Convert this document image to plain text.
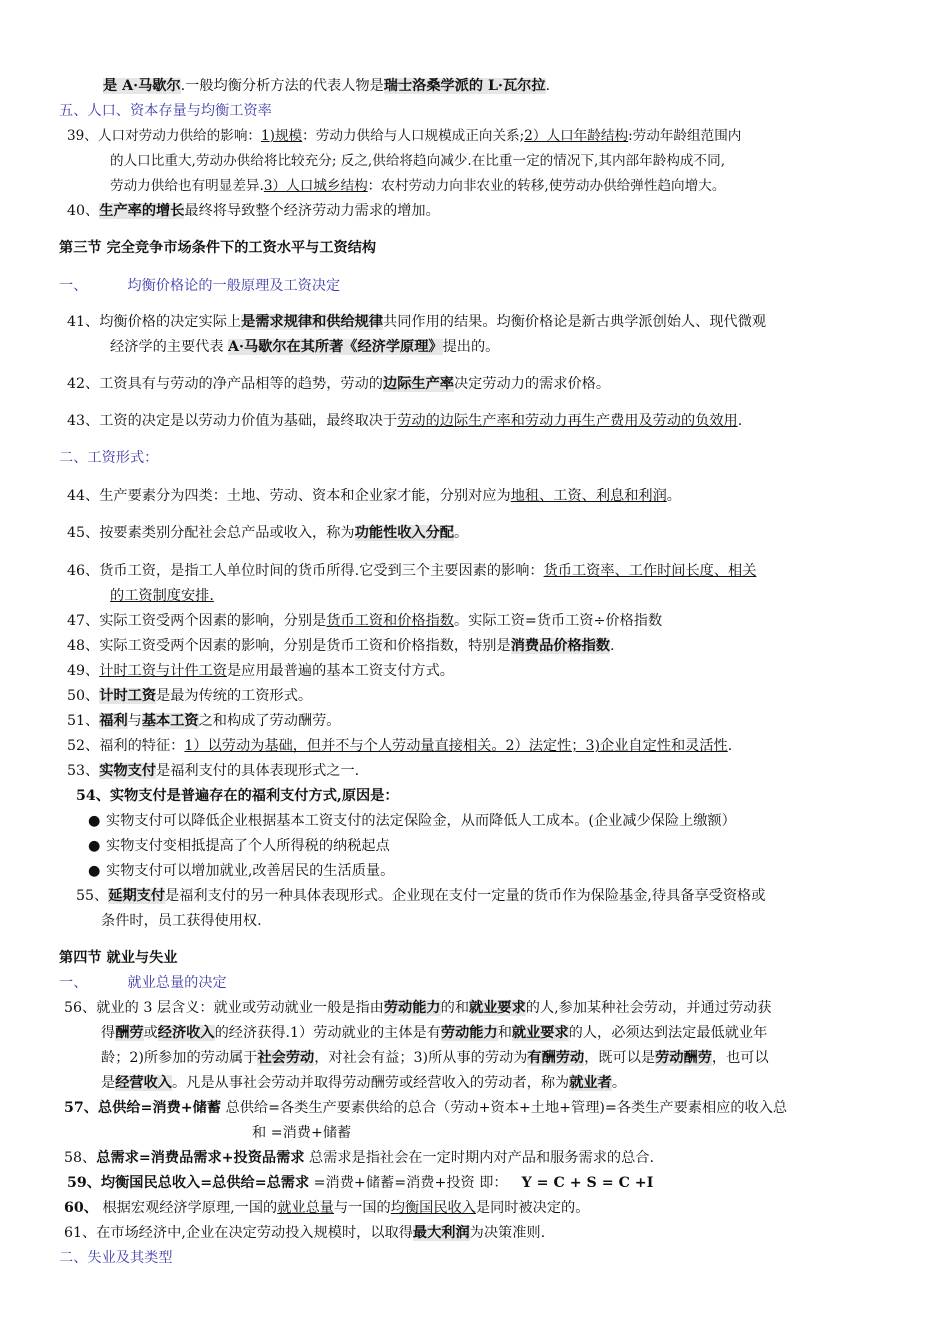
是 A·马歇尔.一般均衡分析方法的代表人物是瑞士洛桑学派的 L·瓦尔拉.
五、人口、资本存量与均衡工资率
39、人口对劳动力供给的影响：1)规模：劳动力供给与人口规模成正向关系;2）人口年龄结构:劳动年龄组范围内
的人口比重大,劳动办供给将比较充分; 反之,供给将趋向减少.在比重一定的情况下,其内部年龄构成不同,
劳动力供给也有明显差异.3）人口城乡结构：农村劳动力向非农业的转移,使劳动办供给弹性趋向增大。
40、生产率的增长最终将导致整个经济劳动力需求的增加。
第三节 完全竞争市场条件下的工资水平与工资结构
一、	均衡价格论的一般原理及工资决定
41、均衡价格的决定实际上是需求规律和供给规律共同作用的结果。均衡价格论是新古典学派创始人、现代微观
经济学的主要代表 A·马歇尔在其所著《经济学原理》提出的。
42、工资具有与劳动的净产品相等的趋势，劳动的边际生产率决定劳动力的需求价格。
43、工资的决定是以劳动力价值为基础，最终取决于劳动的边际生产率和劳动力再生产费用及劳动的负效用.
二、工资形式：
44、生产要素分为四类：土地、劳动、资本和企业家才能，分别对应为地租、工资、利息和利润。
45、按要素类别分配社会总产品或收入，称为功能性收入分配。
46、货币工资，是指工人单位时间的货币所得.它受到三个主要因素的影响：货币工资率、工作时间长度、相关
的工资制度安排.
47、实际工资受两个因素的影响，分别是货币工资和价格指数。实际工资=货币工资÷价格指数
48、实际工资受两个因素的影响，分别是货币工资和价格指数，特别是消费品价格指数.
49、计时工资与计件工资是应用最普遍的基本工资支付方式。
50、计时工资是最为传统的工资形式。
51、福利与基本工资之和构成了劳动酬劳。
52、福利的特征：1）以劳动为基础，但并不与个人劳动量直接相关。2）法定性；3)企业自定性和灵活性.
53、实物支付是福利支付的具体表现形式之一.
54、实物支付是普遍存在的福利支付方式,原因是：
● 实物支付可以降低企业根据基本工资支付的法定保险金，从而降低人工成本。(企业减少保险上缴额）
● 实物支付变相抵提高了个人所得税的纳税起点
● 实物支付可以增加就业,改善居民的生活质量。
55、延期支付是福利支付的另一种具体表现形式。企业现在支付一定量的货币作为保险基金,待具备享受资格或
条件时，员工获得使用权.
第四节 就业与失业
一、	就业总量的决定
56、就业的 3 层含义：就业或劳动就业一般是指由劳动能力的和就业要求的人,参加某种社会劳动，并通过劳动获
得酬劳或经济收入的经济获得.1）劳动就业的主体是有劳动能力和就业要求的人，必须达到法定最低就业年
龄；2)所参加的劳动属于社会劳动，对社会有益；3)所从事的劳动为有酬劳动，既可以是劳动酬劳，也可以
是经营收入。凡是从事社会劳动并取得劳动酬劳或经营收入的劳动者，称为就业者。
57、总供给=消费+储蓄 总供给=各类生产要素供给的总合（劳动+资本+土地+管理)=各类生产要素相应的收入总
和 =消费+储蓄
58、总需求=消费品需求+投资品需求 总需求是指社会在一定时期内对产品和服务需求的总合.
59、均衡国民总收入=总供给=总需求 =消费+储蓄=消费+投资 即： Y = C + S = C +I
60、 根据宏观经济学原理,一国的就业总量与一国的均衡国民收入是同时被决定的。
61、在市场经济中,企业在决定劳动投入规模时，以取得最大利润为决策准则.
二、失业及其类型
